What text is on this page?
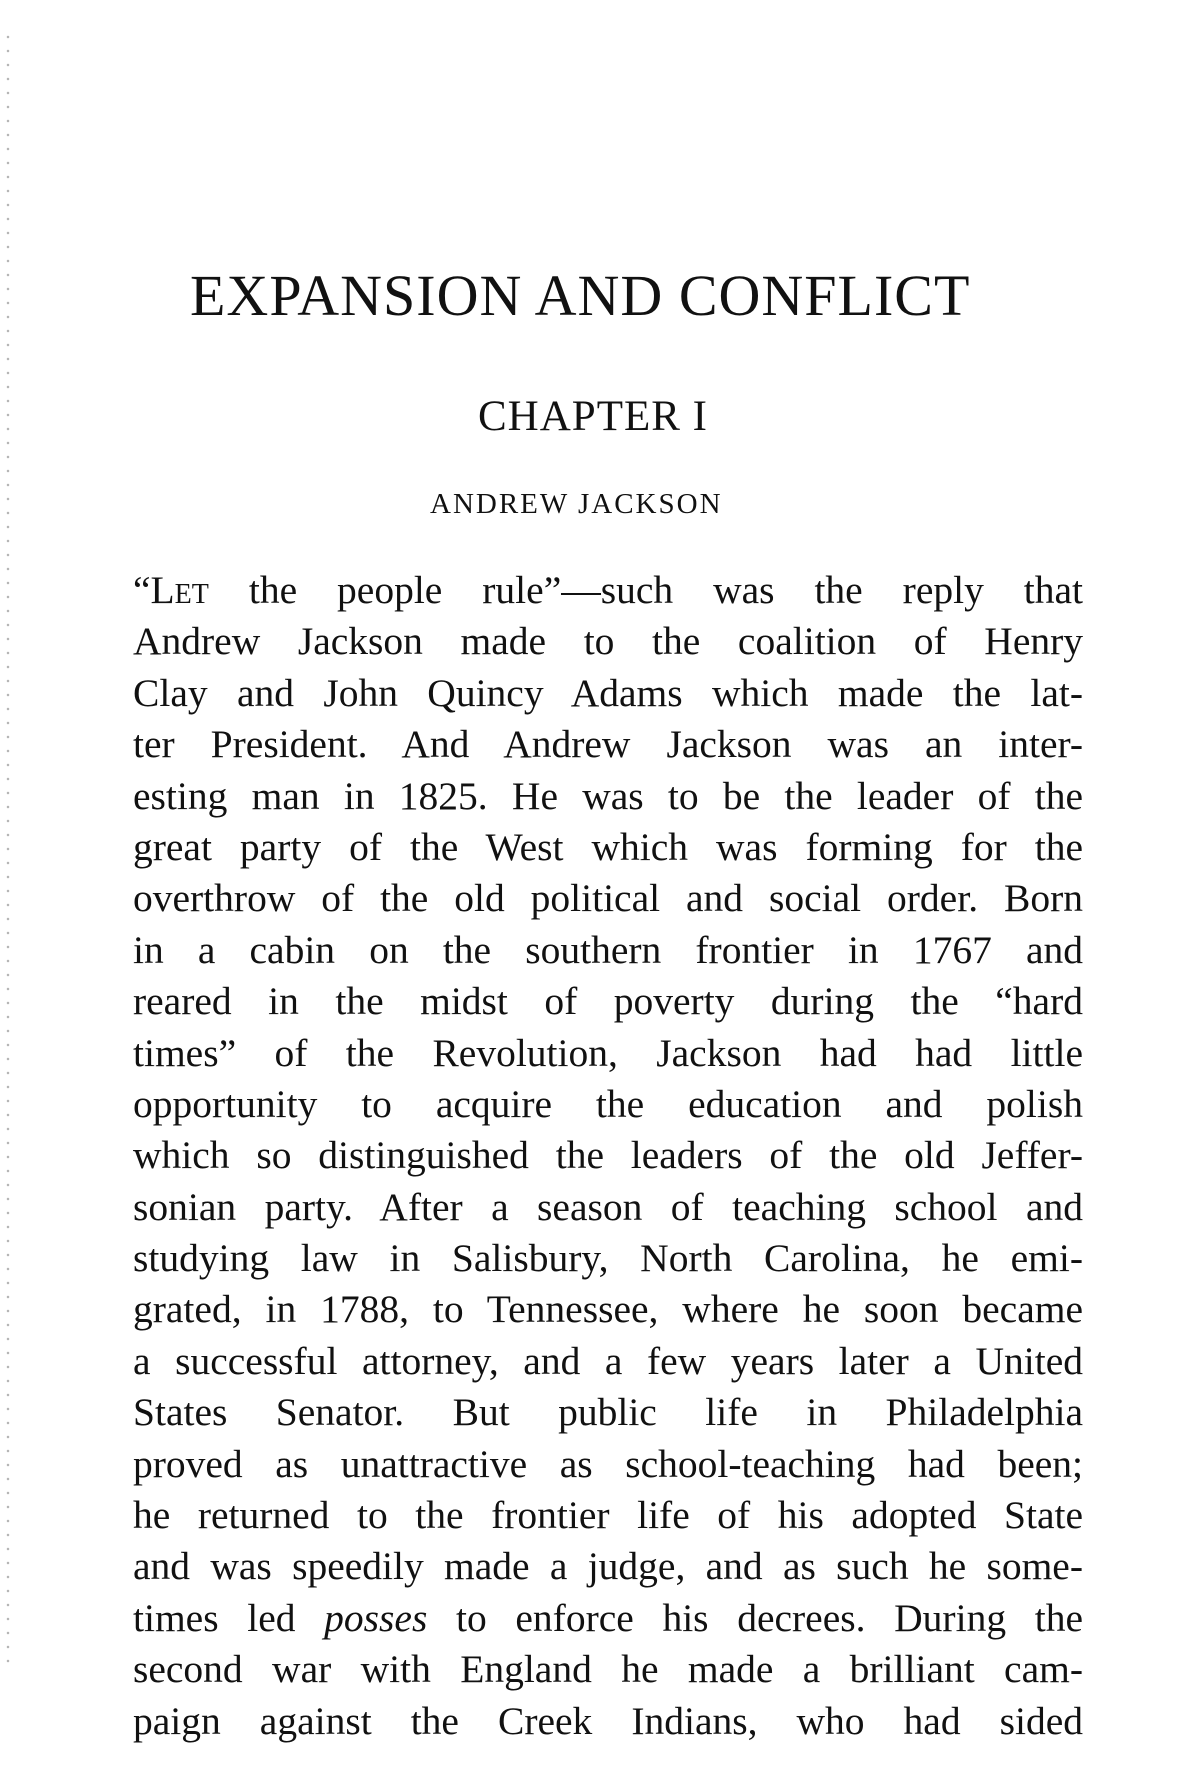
EXPANSION AND CONFLICT
CHAPTER I
ANDREW JACKSON
“Let the people rule”—such was the reply that
Andrew Jackson made to the coalition of Henry
Clay and John Quincy Adams which made the lat-
ter President. And Andrew Jackson was an inter-
esting man in 1825. He was to be the leader of the
great party of the West which was forming for the
overthrow of the old political and social order. Born
in a cabin on the southern frontier in 1767 and
reared in the midst of poverty during the “hard
times” of the Revolution, Jackson had had little
opportunity to acquire the education and polish
which so distinguished the leaders of the old Jeffer-
sonian party. After a season of teaching school and
studying law in Salisbury, North Carolina, he emi-
grated, in 1788, to Tennessee, where he soon became
a successful attorney, and a few years later a United
States Senator. But public life in Philadelphia
proved as unattractive as school-teaching had been;
he returned to the frontier life of his adopted State
and was speedily made a judge, and as such he some-
times led posses to enforce his decrees. During the
second war with England he made a brilliant cam-
paign against the Creek Indians, who had sided
